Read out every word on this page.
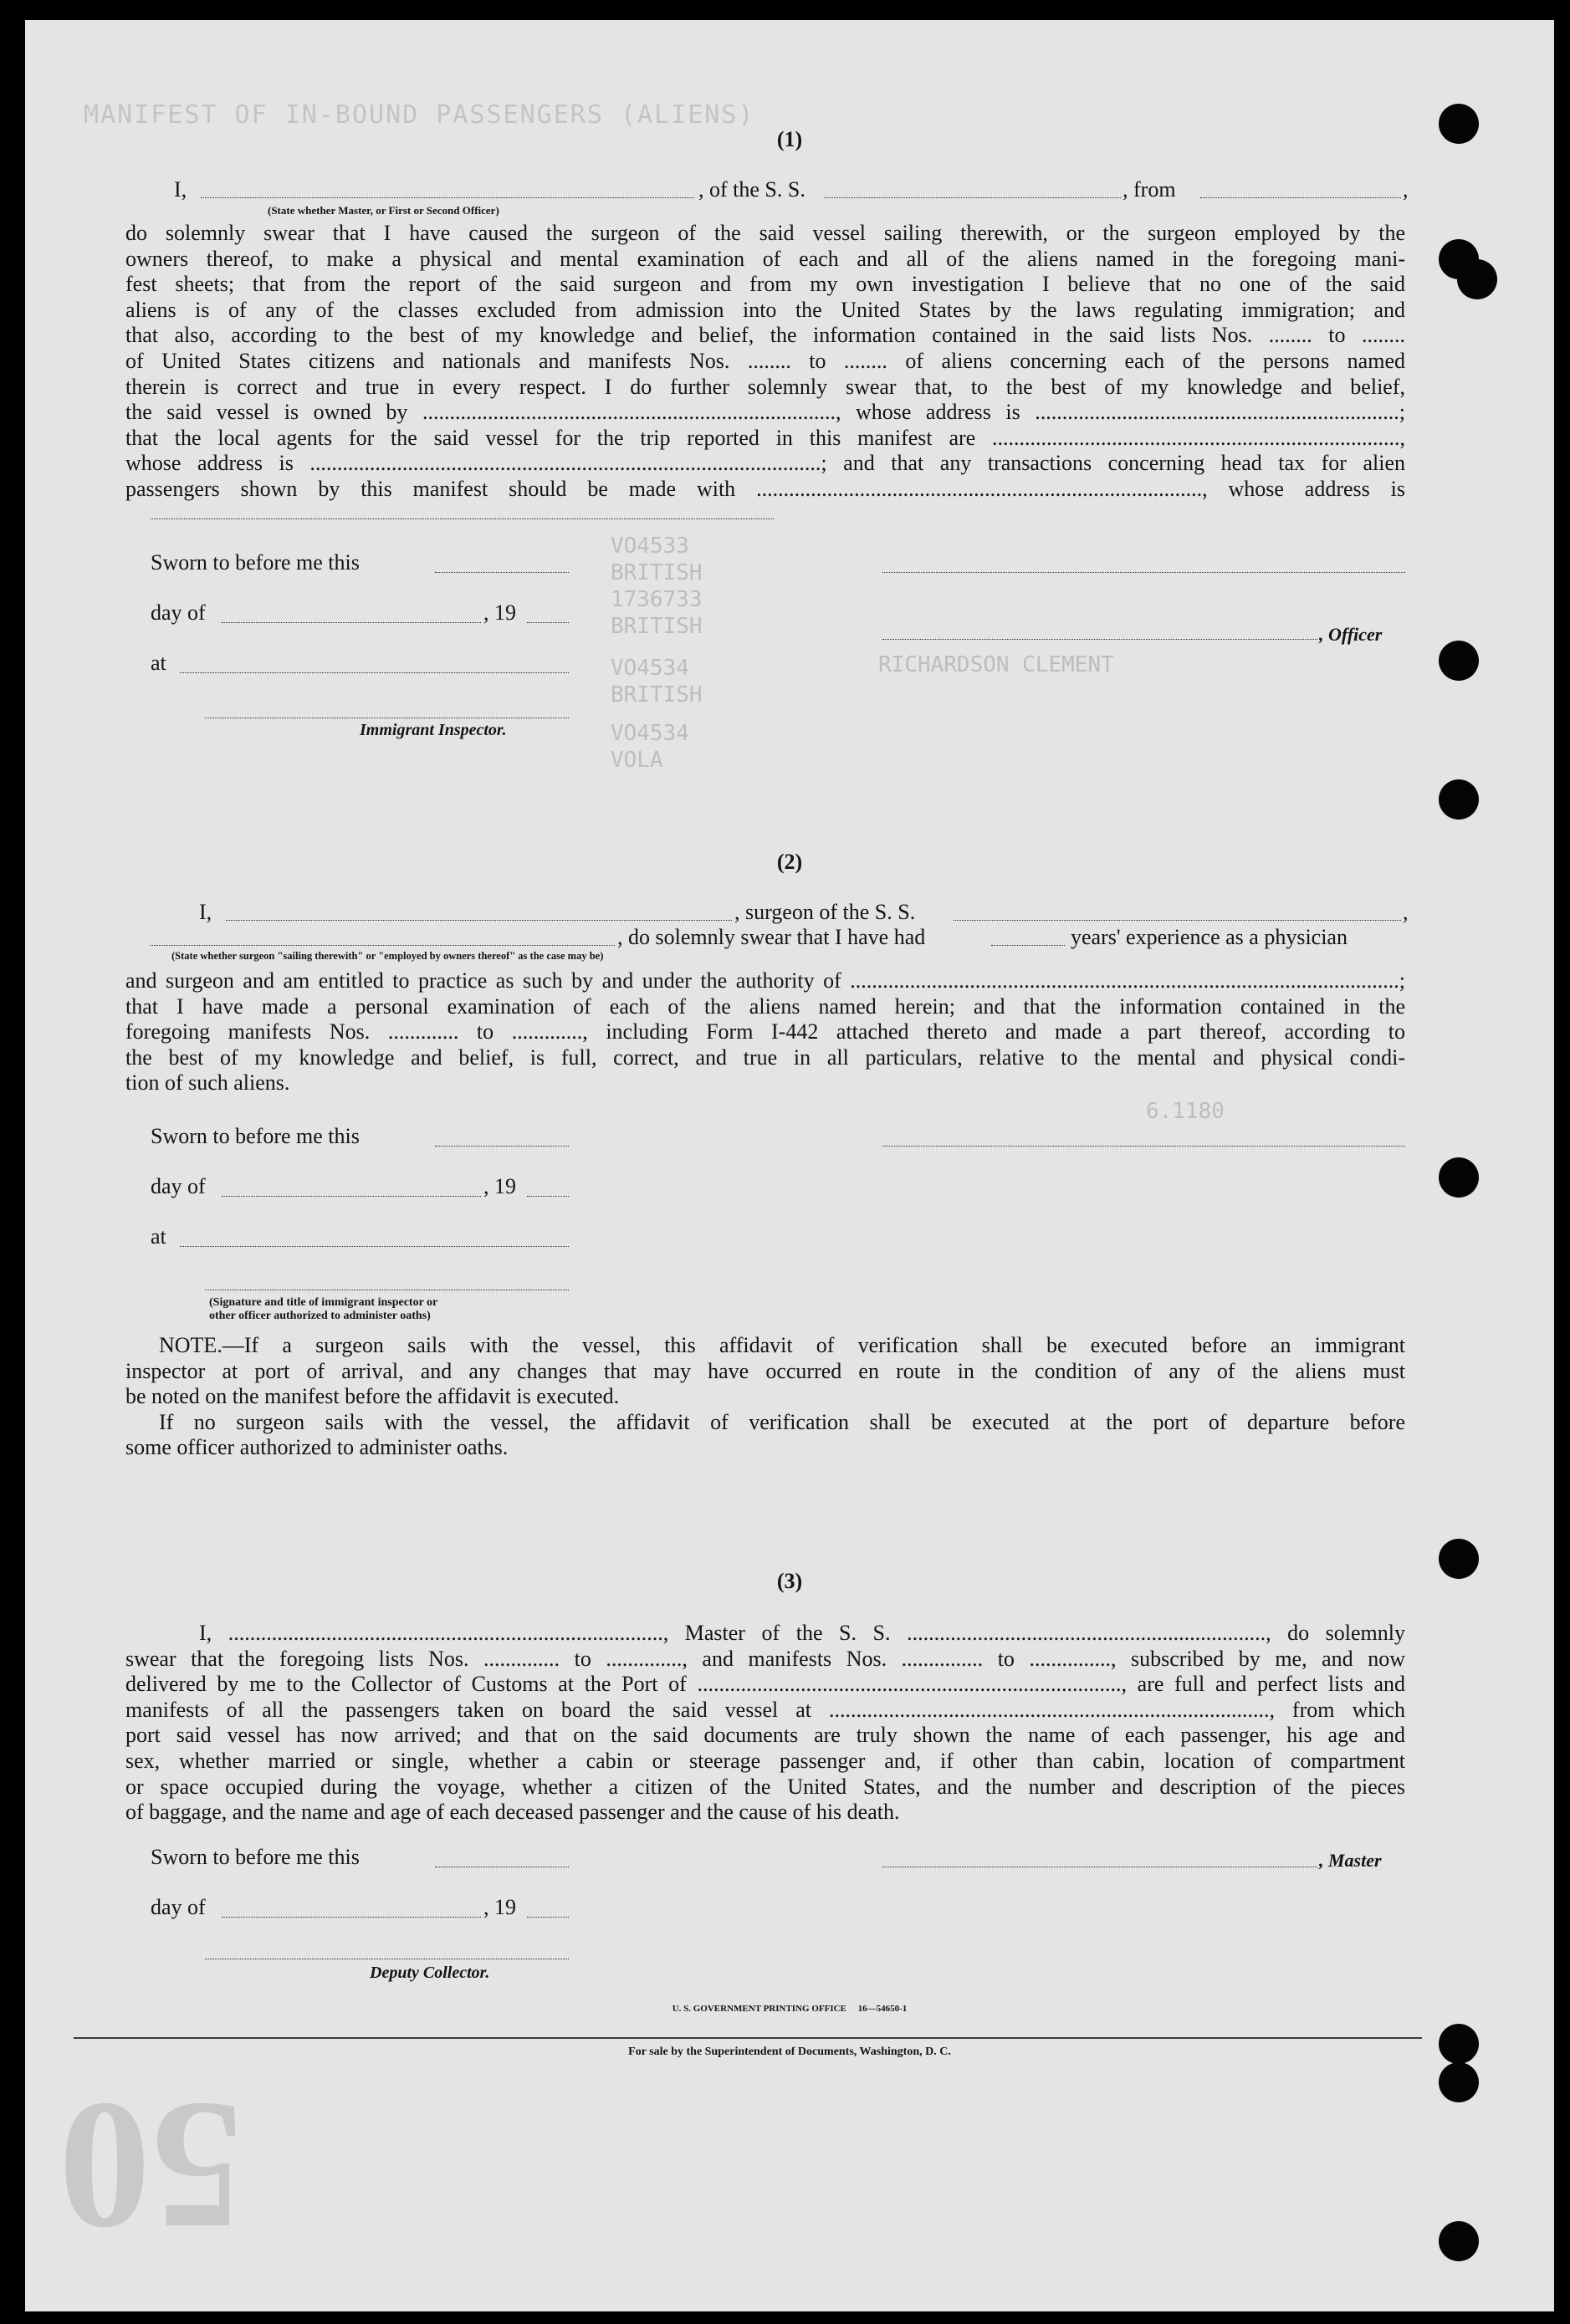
MANIFEST OF IN-BOUND PASSENGERS (ALIENS)
VO4533
BRITISH
1736733
BRITISH
RICHARDSON CLEMENT
VO4534
BRITISH
VO4534
VOLA
6.1180
50
(1)
I,	, of the S. S.	, from	,
(State whether Master, or First or Second Officer)
do solemnly swear that I have caused the surgeon of the said vessel sailing therewith, or the surgeon employed by the
owners thereof, to make a physical and mental examination of each and all of the aliens named in the foregoing mani-
fest sheets; that from the report of the said surgeon and from my own investigation I believe that no one of the said
aliens is of any of the classes excluded from admission into the United States by the laws regulating immigration; and
that also, according to the best of my knowledge and belief, the information contained in the said lists Nos. ........ to ........
of United States citizens and nationals and manifests Nos. ........ to ........ of aliens concerning each of the persons named
therein is correct and true in every respect. I do further solemnly swear that, to the best of my knowledge and belief,
the said vessel is owned by ............................................................................, whose address is ...................................................................;
that the local agents for the said vessel for the trip reported in this manifest are ...........................................................................,
whose address is ..............................................................................................; and that any transactions concerning head tax for alien
passengers shown by this manifest should be made with .................................................................................., whose address is
Sworn to before me this
day of	, 19
, Officer
at
Immigrant Inspector.
(2)
I,	, surgeon of the S. S.	,
, do solemnly swear that I have had	years' experience as a physician
(State whether surgeon "sailing therewith" or "employed by owners thereof" as the case may be)
and surgeon and am entitled to practice as such by and under the authority of .....................................................................................................;
that I have made a personal examination of each of the aliens named herein; and that the information contained in the
foregoing manifests Nos. ............. to ............., including Form I-442 attached thereto and made a part thereof, according to
the best of my knowledge and belief, is full, correct, and true in all particulars, relative to the mental and physical condi-
tion of such aliens.
Sworn to before me this
day of	, 19
at
(Signature and title of immigrant inspector or
other officer authorized to administer oaths)
NOTE.—If a surgeon sails with the vessel, this affidavit of verification shall be executed before an immigrant
inspector at port of arrival, and any changes that may have occurred en route in the condition of any of the aliens must
be noted on the manifest before the affidavit is executed.
If no surgeon sails with the vessel, the affidavit of verification shall be executed at the port of departure before
some officer authorized to administer oaths.
(3)
I, ................................................................................, Master of the S. S. .................................................................., do solemnly
swear that the foregoing lists Nos. .............. to .............., and manifests Nos. ............... to ..............., subscribed by me, and now
delivered by me to the Collector of Customs at the Port of .............................................................................., are full and perfect lists and
manifests of all the passengers taken on board the said vessel at ................................................................................., from which
port said vessel has now arrived; and that on the said documents are truly shown the name of each passenger, his age and
sex, whether married or single, whether a cabin or steerage passenger and, if other than cabin, location of compartment
or space occupied during the voyage, whether a citizen of the United States, and the number and description of the pieces
of baggage, and the name and age of each deceased passenger and the cause of his death.
Sworn to before me this	, Master
day of	, 19
Deputy Collector.
U. S. GOVERNMENT PRINTING OFFICE     16—54650-1
For sale by the Superintendent of Documents, Washington, D. C.
